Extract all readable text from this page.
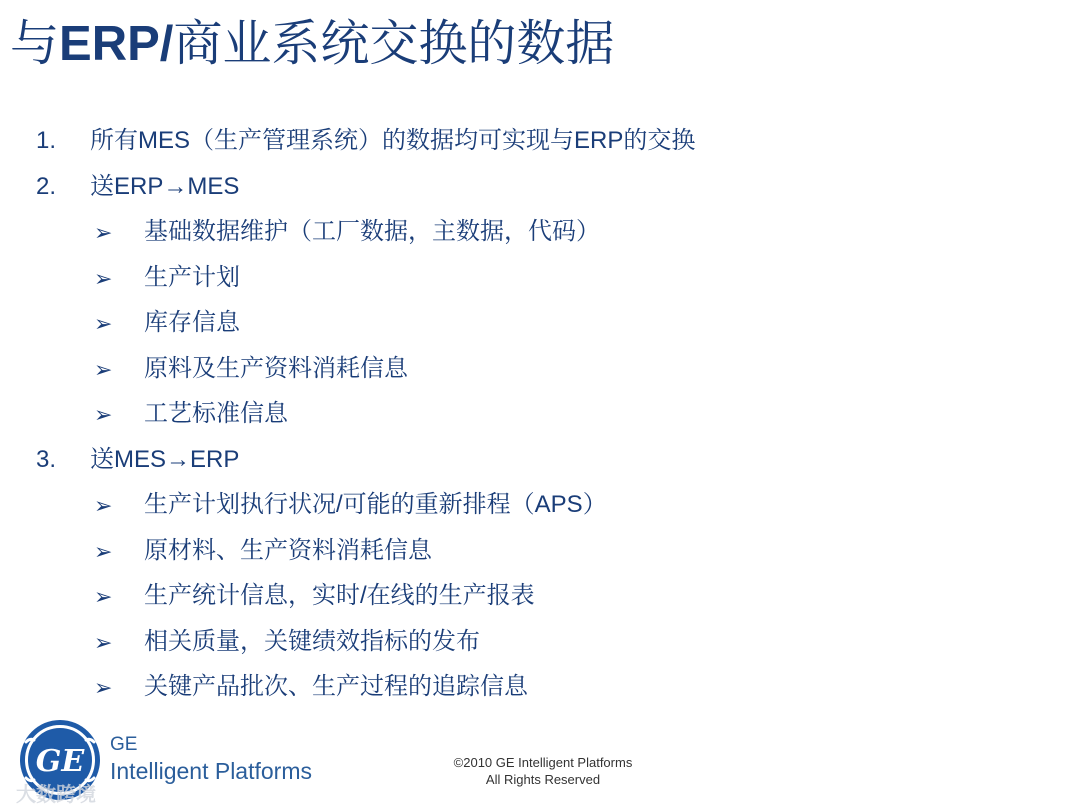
与ERP/商业系统交换的数据
1. 所有MES（生产管理系统）的数据均可实现与ERP的交换
2. 送ERP→MES
➢ 基础数据维护（工厂数据，主数据，代码）
➢ 生产计划
➢ 库存信息
➢ 原料及生产资料消耗信息
➢ 工艺标准信息
3. 送MES→ERP
➢ 生产计划执行状况/可能的重新排程（APS）
➢ 原材料、生产资料消耗信息
➢ 生产统计信息，实时/在线的生产报表
➢ 相关质量，关键绩效指标的发布
➢ 关键产品批次、生产过程的追踪信息
GE GE
Intelligent Platforms	©2010 GE Intelligent Platforms
All Rights Reserved
大数跨境
